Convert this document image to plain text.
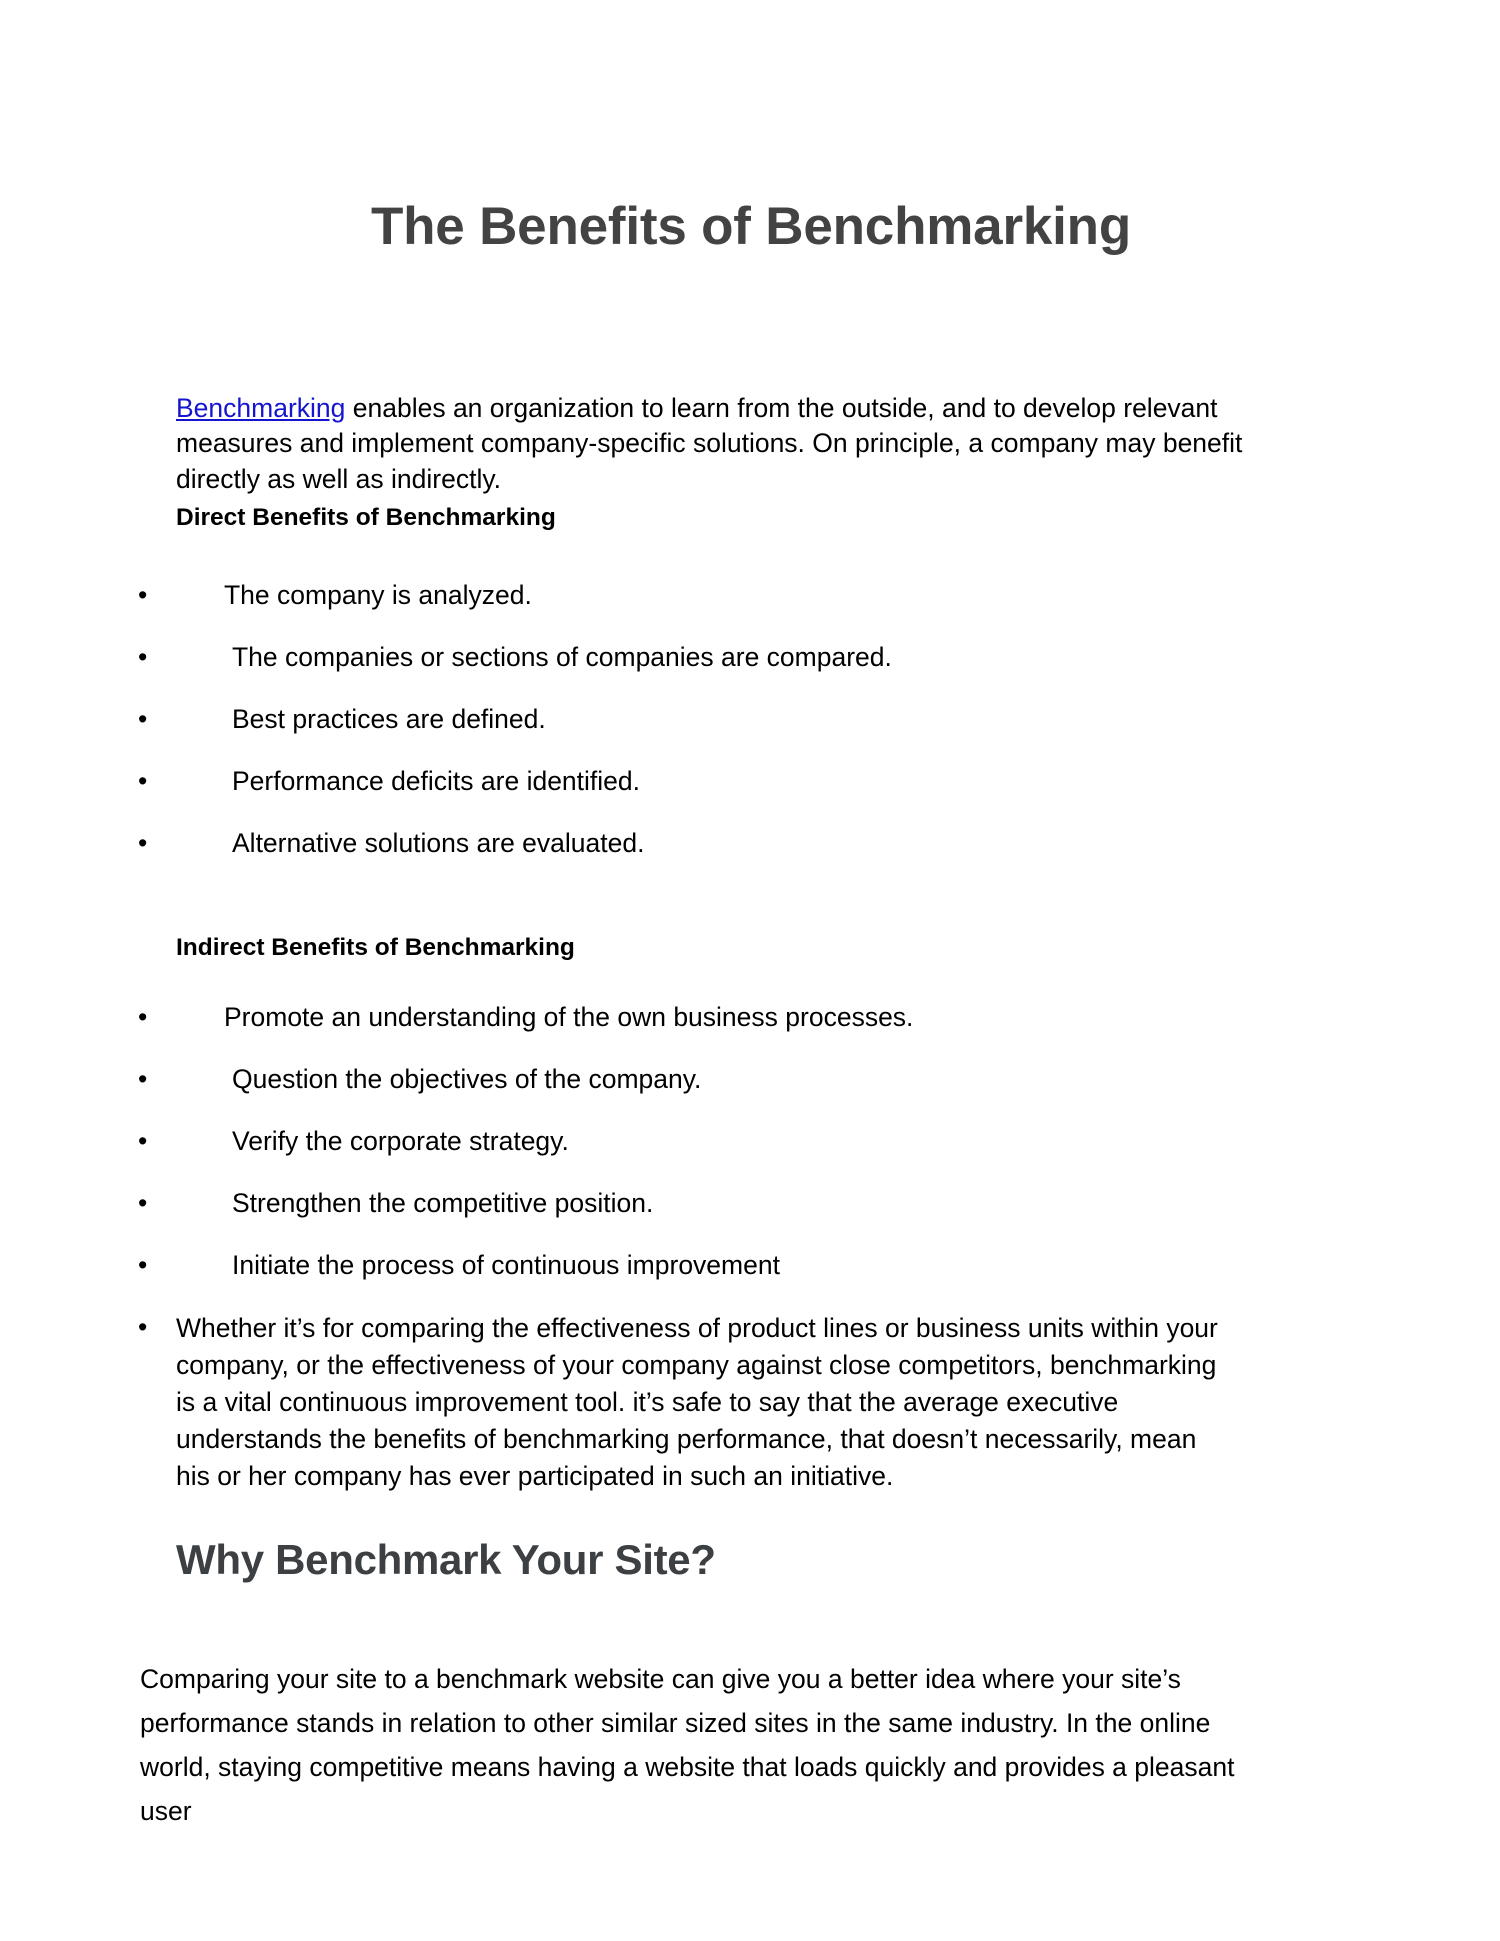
The Benefits of Benchmarking

Benchmarking enables an organization to learn from the outside, and to develop relevant measures and implement company-specific solutions. On principle, a company may benefit directly as well as indirectly.

Direct Benefits of Benchmarking
•	The company is analyzed.
•	The companies or sections of companies are compared.
•	Best practices are defined.
•	Performance deficits are identified.
•	Alternative solutions are evaluated.
Indirect Benefits of Benchmarking
•	Promote an understanding of the own business processes.
•	Question the objectives of the company.
•	Verify the corporate strategy.
•	Strengthen the competitive position.
•	Initiate the process of continuous improvement
• Whether it’s for comparing the effectiveness of product lines or business units within your company, or the effectiveness of your company against close competitors, benchmarking is a vital continuous improvement tool. it’s safe to say that the average executive understands the benefits of benchmarking performance, that doesn’t necessarily, mean his or her company has ever participated in such an initiative.
Why Benchmark Your Site?

Comparing your site to a benchmark website can give you a better idea where your site’s performance stands in relation to other similar sized sites in the same industry. In the online world, staying competitive means having a website that loads quickly and provides a pleasant user
